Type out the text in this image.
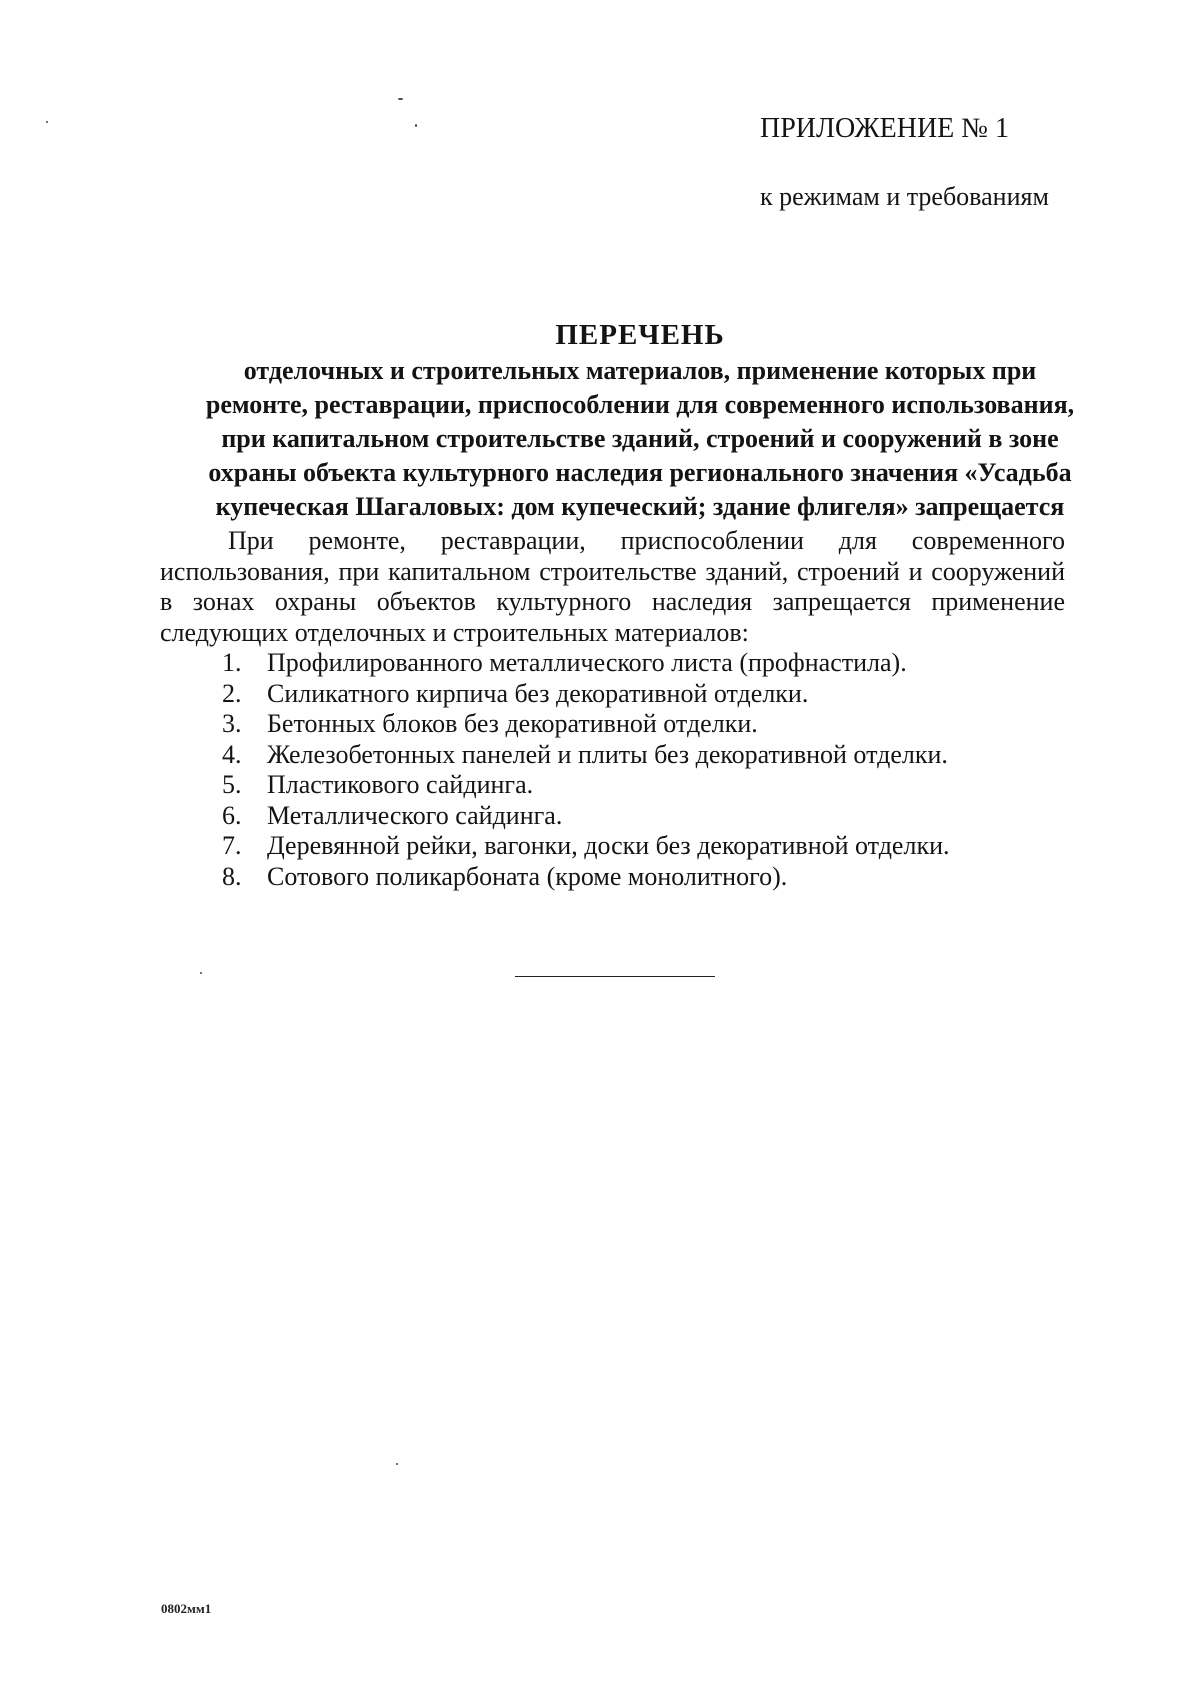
ПРИЛОЖЕНИЕ № 1
к режимам и требованиям
ПЕРЕЧЕНЬ
отделочных и строительных материалов, применение которых при
ремонте, реставрации, приспособлении для современного использования,
при капитальном строительстве зданий, строений и сооружений в зоне
охраны объекта культурного наследия регионального значения «Усадьба
купеческая Шагаловых: дом купеческий; здание флигеля» запрещается
При ремонте, реставрации, приспособлении для современного использования, при капитальном строительстве зданий, строений и сооружений в зонах охраны объектов культурного наследия запрещается применение следующих отделочных и строительных материалов:
1. Профилированного металлического листа (профнастила).
2. Силикатного кирпича без декоративной отделки.
3. Бетонных блоков без декоративной отделки.
4. Железобетонных панелей и плиты без декоративной отделки.
5. Пластикового сайдинга.
6. Металлического сайдинга.
7. Деревянной рейки, вагонки, доски без декоративной отделки.
8. Сотового поликарбоната (кроме монолитного).
0802мм1
